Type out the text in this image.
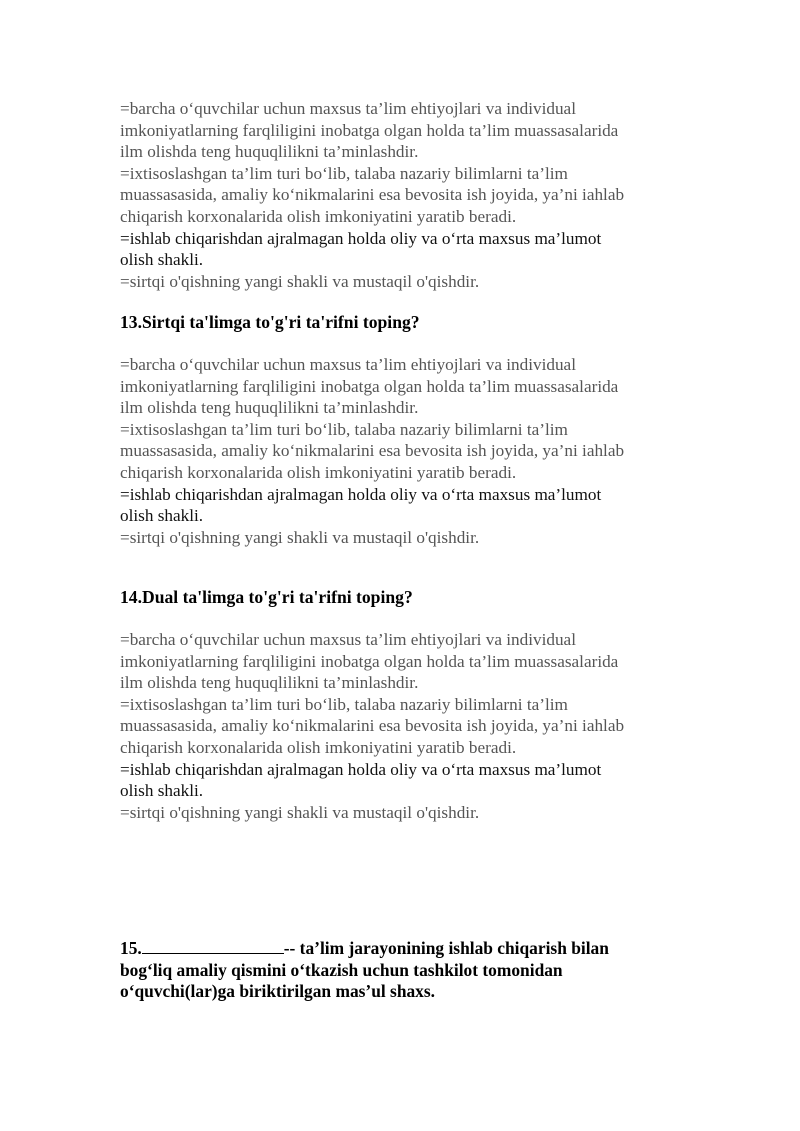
=barcha o‘quvchilar uchun maxsus ta’lim ehtiyojlari va individual
imkoniyatlarning farqliligini inobatga olgan holda ta’lim muassasalarida
ilm olishda teng huquqlilikni ta’minlashdir.
=ixtisoslashgan ta’lim turi bo‘lib, talaba nazariy bilimlarni ta’lim
muassasasida, amaliy ko‘nikmalarini esa bevosita ish joyida, ya’ni iahlab
chiqarish korxonalarida olish imkoniyatini yaratib beradi.
=ishlab chiqarishdan ajralmagan holda oliy va o‘rta maxsus ma’lumot
olish shakli.
=sirtqi o'qishning yangi shakli va mustaqil o'qishdir.
13.Sirtqi ta'limga to'g'ri ta'rifni toping?
=barcha o‘quvchilar uchun maxsus ta’lim ehtiyojlari va individual
imkoniyatlarning farqliligini inobatga olgan holda ta’lim muassasalarida
ilm olishda teng huquqlilikni ta’minlashdir.
=ixtisoslashgan ta’lim turi bo‘lib, talaba nazariy bilimlarni ta’lim
muassasasida, amaliy ko‘nikmalarini esa bevosita ish joyida, ya’ni iahlab
chiqarish korxonalarida olish imkoniyatini yaratib beradi.
=ishlab chiqarishdan ajralmagan holda oliy va o‘rta maxsus ma’lumot
olish shakli.
=sirtqi o'qishning yangi shakli va mustaqil o'qishdir.
14.Dual ta'limga to'g'ri ta'rifni toping?
=barcha o‘quvchilar uchun maxsus ta’lim ehtiyojlari va individual
imkoniyatlarning farqliligini inobatga olgan holda ta’lim muassasalarida
ilm olishda teng huquqlilikni ta’minlashdir.
=ixtisoslashgan ta’lim turi bo‘lib, talaba nazariy bilimlarni ta’lim
muassasasida, amaliy ko‘nikmalarini esa bevosita ish joyida, ya’ni iahlab
chiqarish korxonalarida olish imkoniyatini yaratib beradi.
=ishlab chiqarishdan ajralmagan holda oliy va o‘rta maxsus ma’lumot
olish shakli.
=sirtqi o'qishning yangi shakli va mustaqil o'qishdir.
15.	-- ta’lim jarayonining ishlab chiqarish bilan
bog‘liq amaliy qismini o‘tkazish uchun tashkilot tomonidan
o‘quvchi(lar)ga biriktirilgan mas’ul shaxs.
